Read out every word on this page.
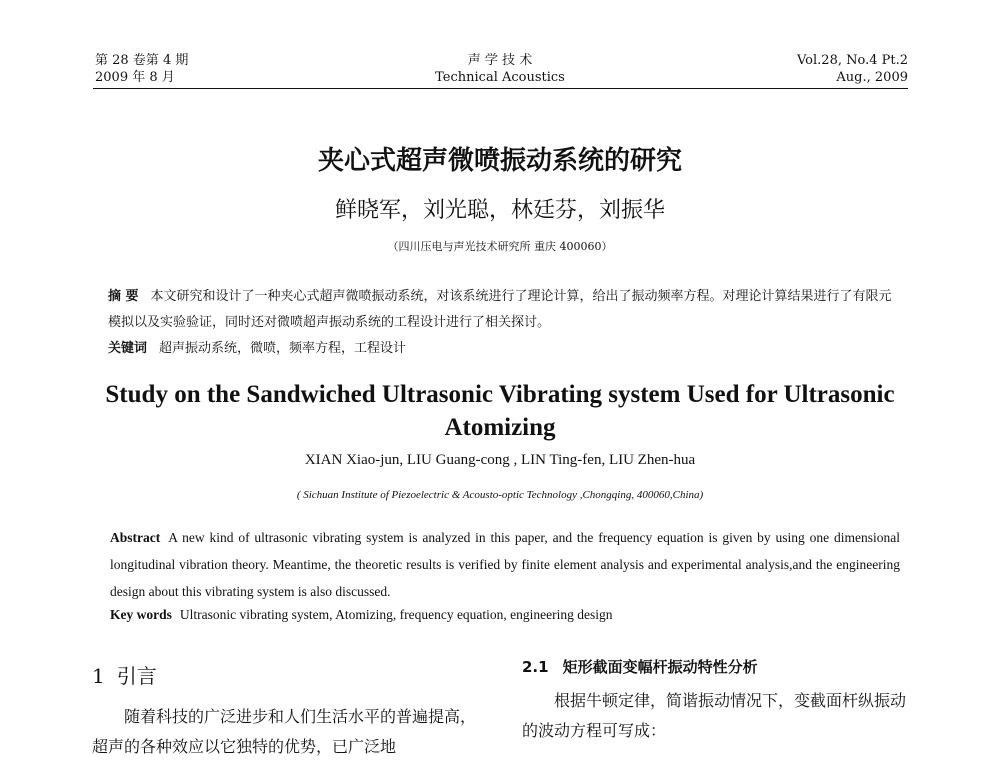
第 28 卷第 4 期
2009 年 8 月
声 学 技 术
Technical Acoustics
Vol.28, No.4 Pt.2
Aug., 2009
夹心式超声微喷振动系统的研究
鲜晓军，刘光聪，林廷芬，刘振华
（四川压电与声光技术研究所 重庆 400060）
摘 要 本文研究和设计了一种夹心式超声微喷振动系统，对该系统进行了理论计算，给出了振动频率方程。对理论计算结果进行了有限元模拟以及实验验证，同时还对微喷超声振动系统的工程设计进行了相关探讨。
关键词 超声振动系统，微喷，频率方程，工程设计
Study on the Sandwiched Ultrasonic Vibrating system Used for Ultrasonic Atomizing
XIAN Xiao-jun, LIU Guang-cong , LIN Ting-fen, LIU Zhen-hua
( Sichuan Institute of Piezoelectric & Acousto-optic Technology ,Chongqing, 400060,China)
Abstract A new kind of ultrasonic vibrating system is analyzed in this paper, and the frequency equation is given by using one dimensional longitudinal vibration theory. Meantime, the theoretic results is verified by finite element analysis and experimental analysis,and the engineering design about this vibrating system is also discussed.
Key words Ultrasonic vibrating system, Atomizing, frequency equation, engineering design
1 引言

随着科技的广泛进步和人们生活水平的普遍提高，超声的各种效应以它独特的优势，已广泛地

2.1 矩形截面变幅杆振动特性分析

根据牛顿定律，简谐振动情况下，变截面杆纵振动的波动方程可写成：
